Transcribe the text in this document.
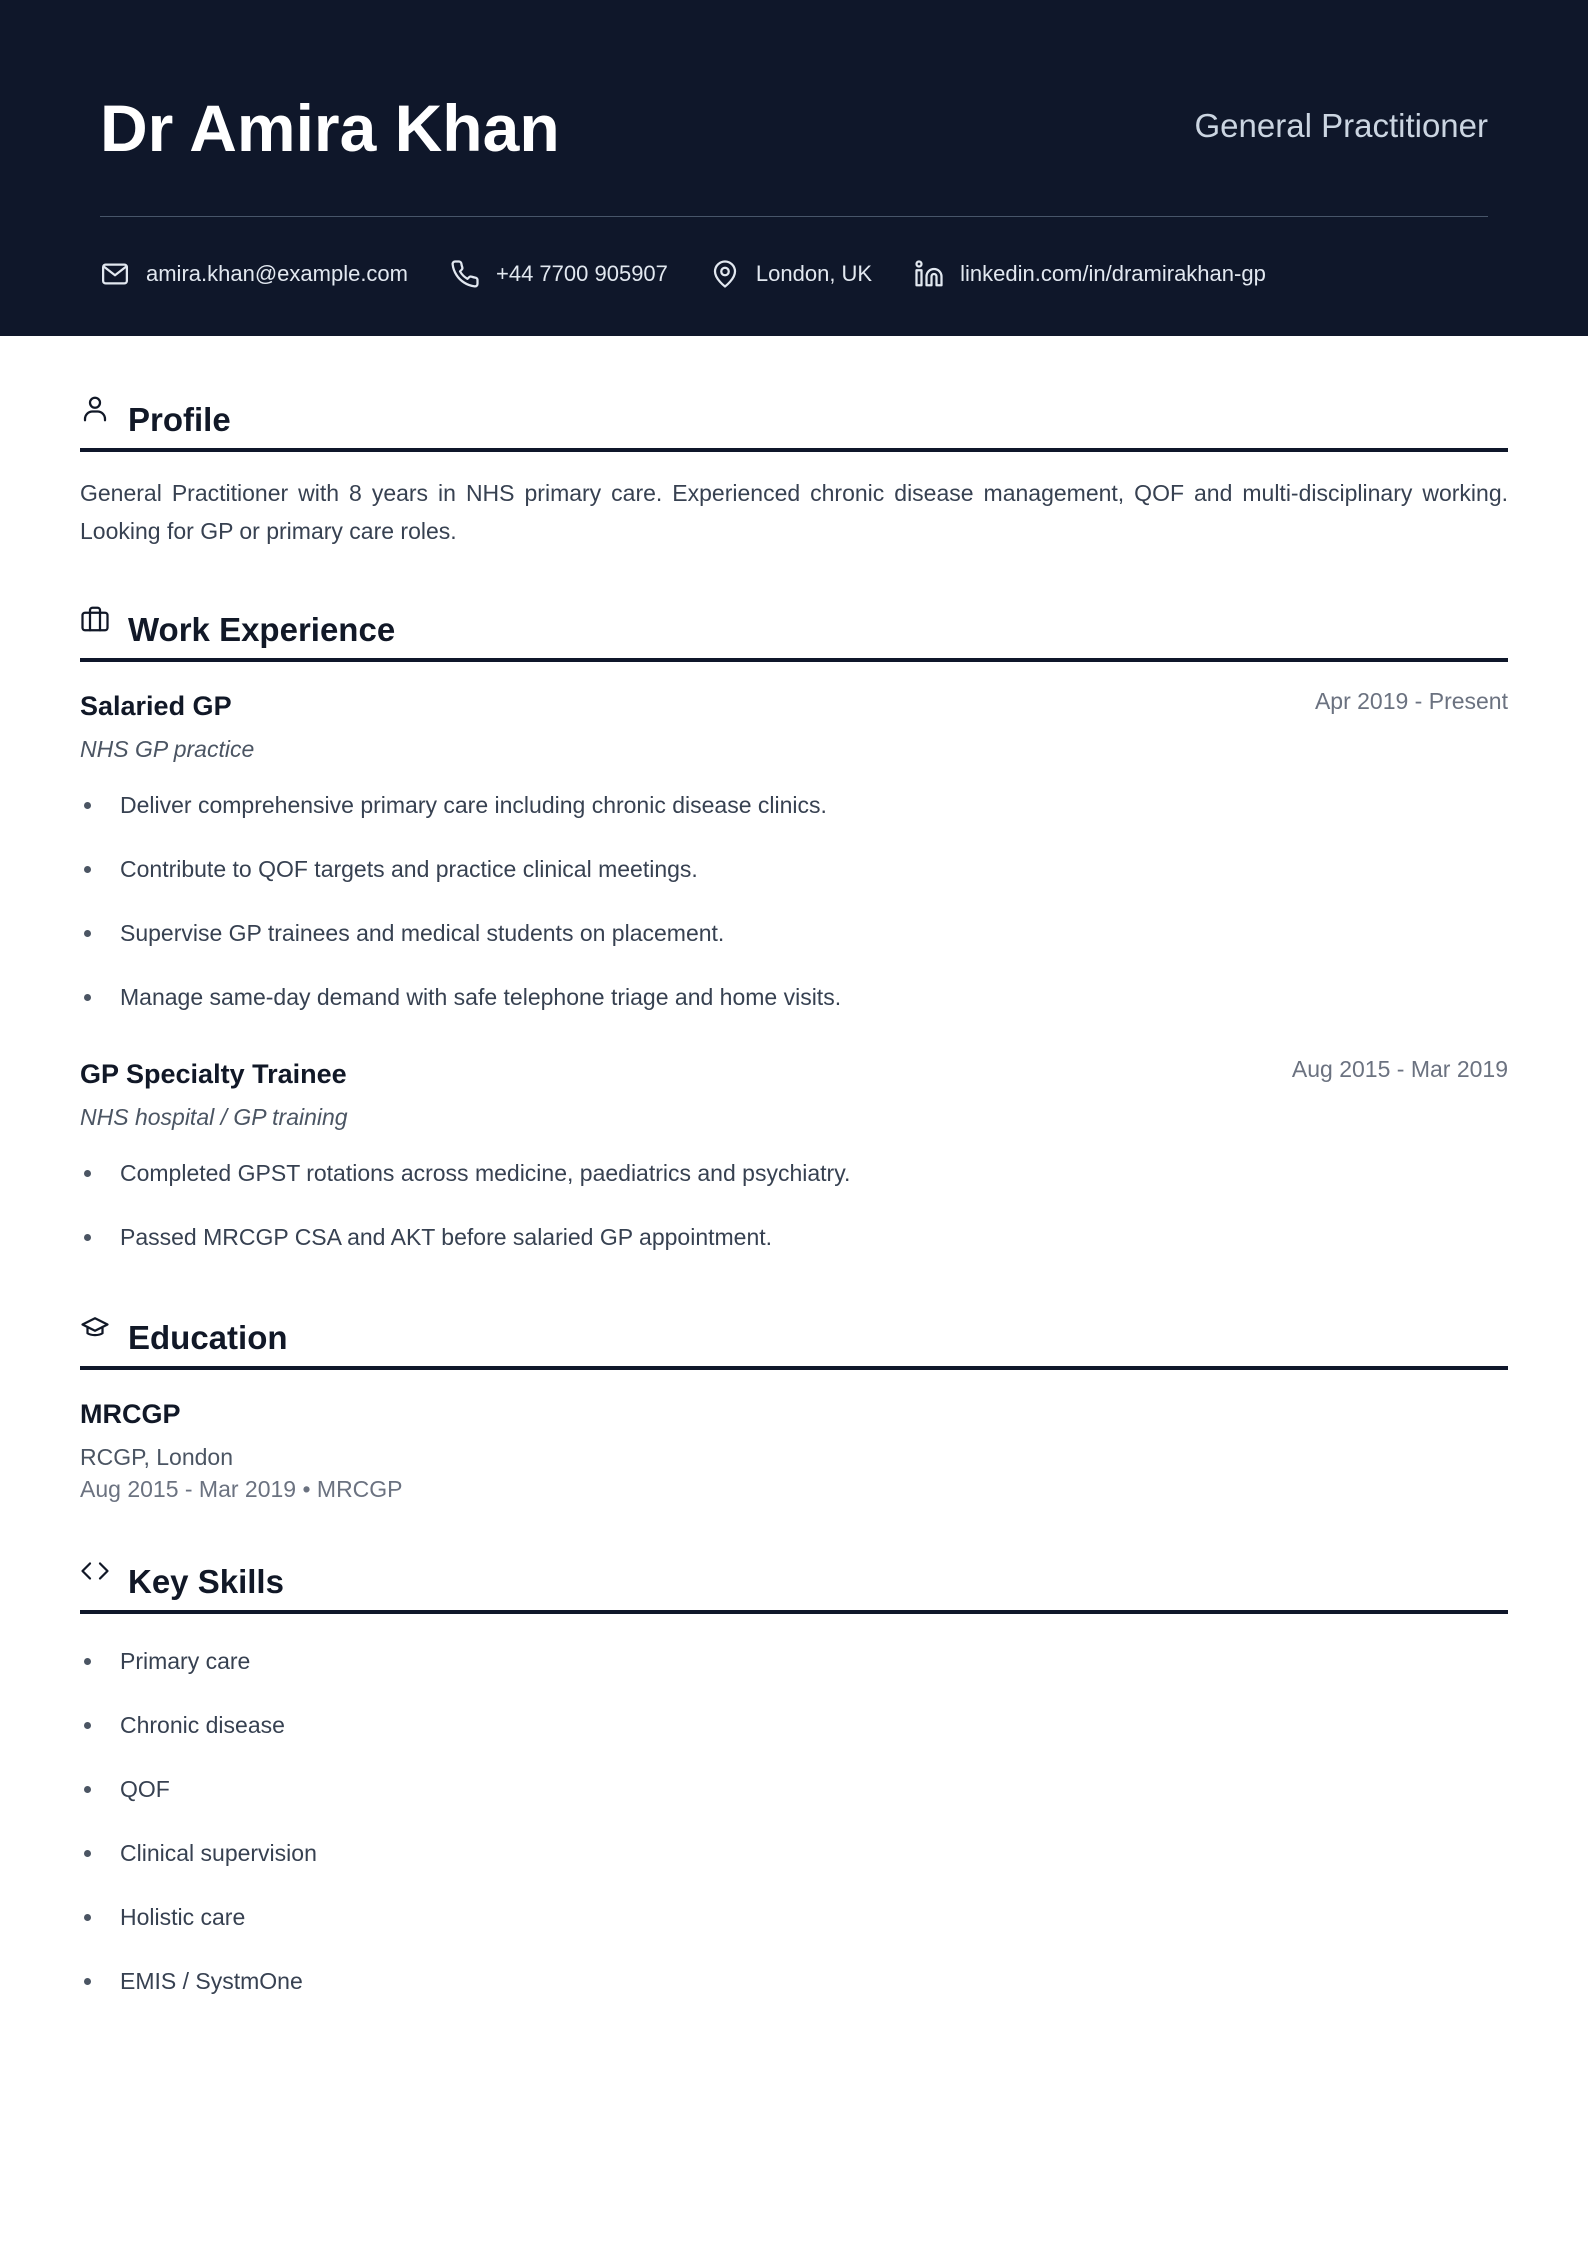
Dr Amira Khan	General Practitioner
amira.khan@example.com	+44 7700 905907	London, UK	linkedin.com/in/dramirakhan-gp
Profile
General Practitioner with 8 years in NHS primary care. Experienced chronic disease management, QOF and multi-disciplinary working. Looking for GP or primary care roles.
Work Experience
Salaried GP	Apr 2019 - Present
NHS GP practice
Deliver comprehensive primary care including chronic disease clinics.
Contribute to QOF targets and practice clinical meetings.
Supervise GP trainees and medical students on placement.
Manage same-day demand with safe telephone triage and home visits.
GP Specialty Trainee	Aug 2015 - Mar 2019
NHS hospital / GP training
Completed GPST rotations across medicine, paediatrics and psychiatry.
Passed MRCGP CSA and AKT before salaried GP appointment.
Education
MRCGP
RCGP, London
Aug 2015 - Mar 2019 • MRCGP
Key Skills
Primary care
Chronic disease
QOF
Clinical supervision
Holistic care
EMIS / SystmOne
